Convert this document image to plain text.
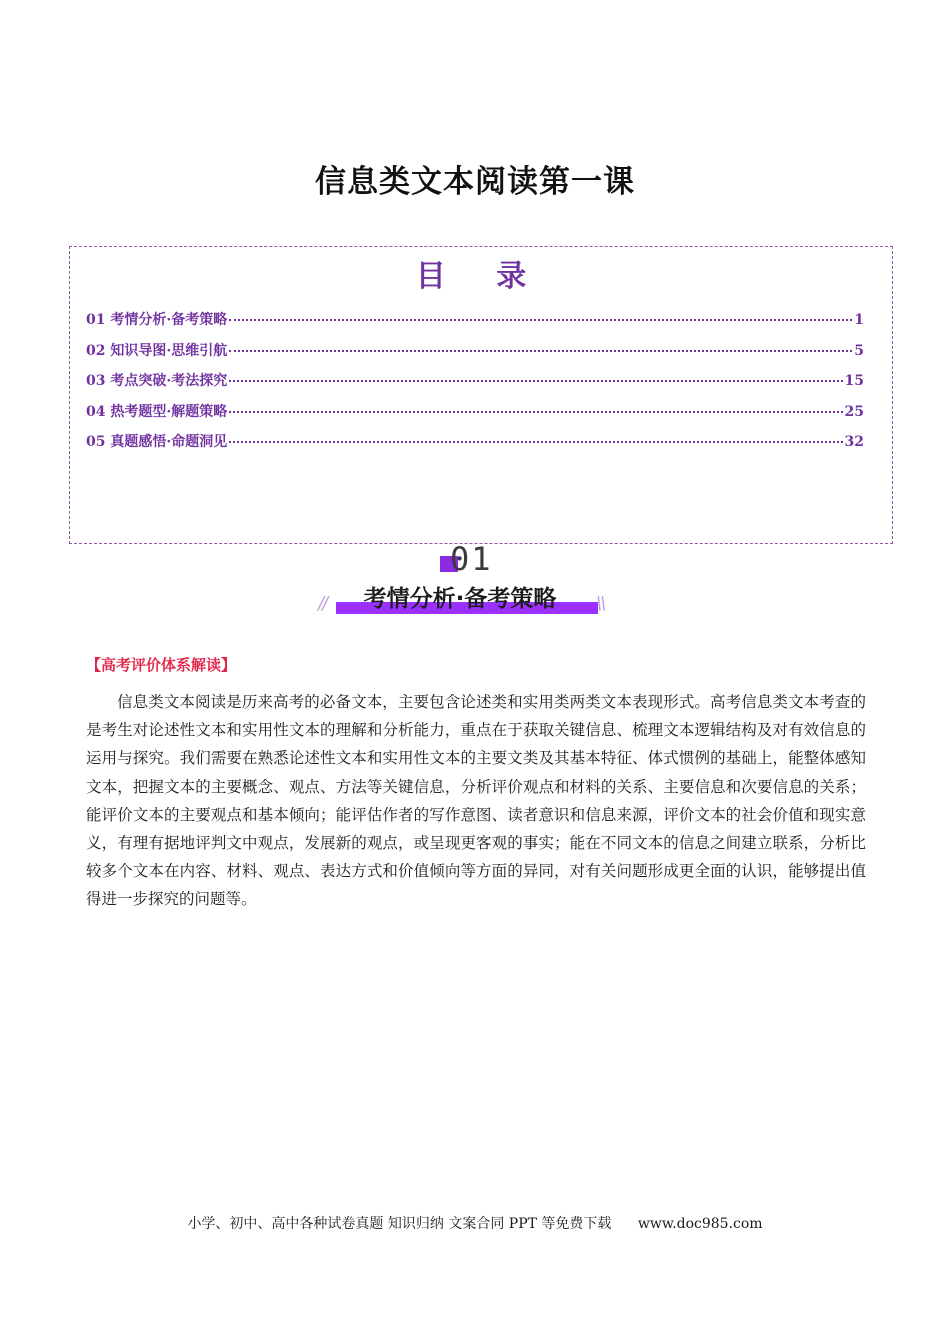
信息类文本阅读第一课
目 录
01 考情分析·备考策略	1
02 知识导图·思维引航	5
03 考点突破·考法探究	15
04 热考题型·解题策略	25
05 真题感悟·命题洞见	32
01
考情分析·备考策略
//	\\
【高考评价体系解读】
信息类文本阅读是历来高考的必备文本，主要包含论述类和实用类两类文本表现形式。高考信息类文本考查的是考生对论述性文本和实用性文本的理解和分析能力，重点在于获取关键信息、梳理文本逻辑结构及对有效信息的运用与探究。我们需要在熟悉论述性文本和实用性文本的主要文类及其基本特征、体式惯例的基础上，能整体感知文本，把握文本的主要概念、观点、方法等关键信息，分析评价观点和材料的关系、主要信息和次要信息的关系；能评价文本的主要观点和基本倾向；能评估作者的写作意图、读者意识和信息来源，评价文本的社会价值和现实意义，有理有据地评判文中观点，发展新的观点，或呈现更客观的事实；能在不同文本的信息之间建立联系，分析比较多个文本在内容、材料、观点、表达方式和价值倾向等方面的异同，对有关问题形成更全面的认识，能够提出值得进一步探究的问题等。
小学、初中、高中各种试卷真题 知识归纳 文案合同 PPT 等免费下载 www.doc985.com
